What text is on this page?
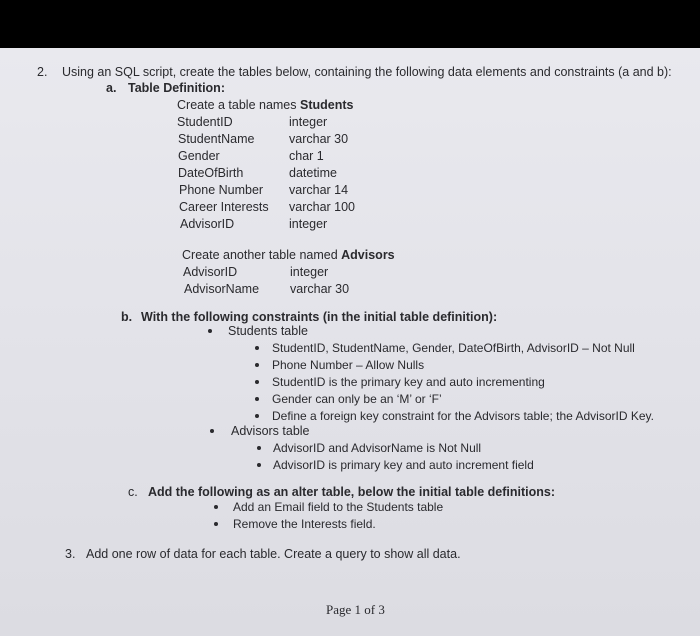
2. Using an SQL script, create the tables below, containing the following data elements and constraints (a and b):
a. Table Definition:
Create a table names Students
StudentID	integer
StudentName	varchar 30
Gender	char 1
DateOfBirth	datetime
Phone Number varchar 14
Career Interests varchar 100
AdvisorID	integer
Create another table named Advisors
AdvisorID	integer
AdvisorName varchar 30
b. With the following constraints (in the initial table definition):
Students table
StudentID, StudentName, Gender, DateOfBirth, AdvisorID – Not Null
Phone Number – Allow Nulls
StudentID is the primary key and auto incrementing
Gender can only be an ‘M’ or ‘F’
Define a foreign key constraint for the Advisors table; the AdvisorID Key.
Advisors table
AdvisorID and AdvisorName is Not Null
AdvisorID is primary key and auto increment field
c. Add the following as an alter table, below the initial table definitions:
Add an Email field to the Students table
Remove the Interests field.
3. Add one row of data for each table. Create a query to show all data.
Page 1 of 3
